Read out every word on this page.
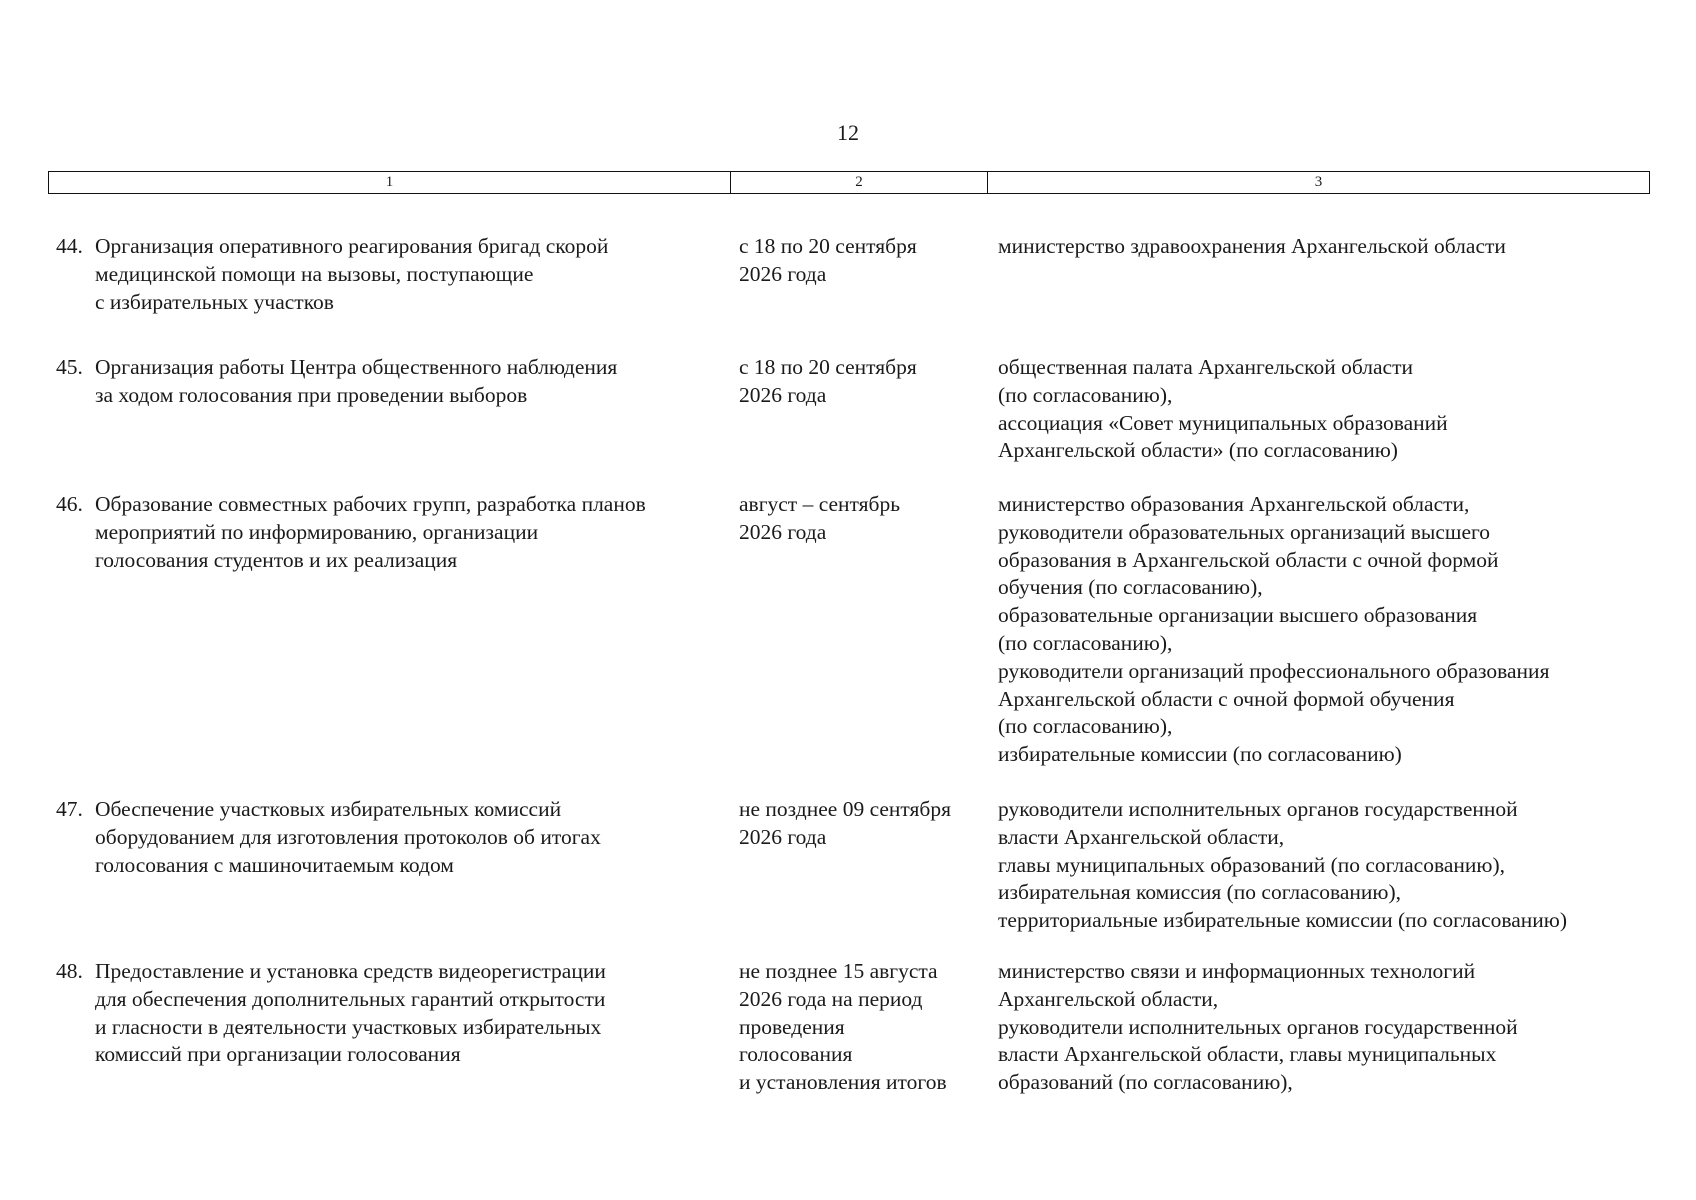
12
1	2	3
44. Организация оперативного реагирования бригад скорой
медицинской помощи на вызовы, поступающие
с избирательных участков
с 18 по 20 сентября
2026 года
министерство здравоохранения Архангельской области
45. Организация работы Центра общественного наблюдения
за ходом голосования при проведении выборов
с 18 по 20 сентября
2026 года
общественная палата Архангельской области
(по согласованию),
ассоциация «Совет муниципальных образований
Архангельской области» (по согласованию)
46. Образование совместных рабочих групп, разработка планов
мероприятий по информированию, организации
голосования студентов и их реализация
август – сентябрь
2026 года
министерство образования Архангельской области,
руководители образовательных организаций высшего
образования в Архангельской области с очной формой
обучения (по согласованию),
образовательные организации высшего образования
(по согласованию),
руководители организаций профессионального образования
Архангельской области с очной формой обучения
(по согласованию),
избирательные комиссии (по согласованию)
47. Обеспечение участковых избирательных комиссий
оборудованием для изготовления протоколов об итогах
голосования с машиночитаемым кодом
не позднее 09 сентября
2026 года
руководители исполнительных органов государственной
власти Архангельской области,
главы муниципальных образований (по согласованию),
избирательная комиссия (по согласованию),
территориальные избирательные комиссии (по согласованию)
48. Предоставление и установка средств видеорегистрации
для обеспечения дополнительных гарантий открытости
и гласности в деятельности участковых избирательных
комиссий при организации голосования
не позднее 15 августа
2026 года на период
проведения
голосования
и установления итогов
министерство связи и информационных технологий
Архангельской области,
руководители исполнительных органов государственной
власти Архангельской области, главы муниципальных
образований (по согласованию),
